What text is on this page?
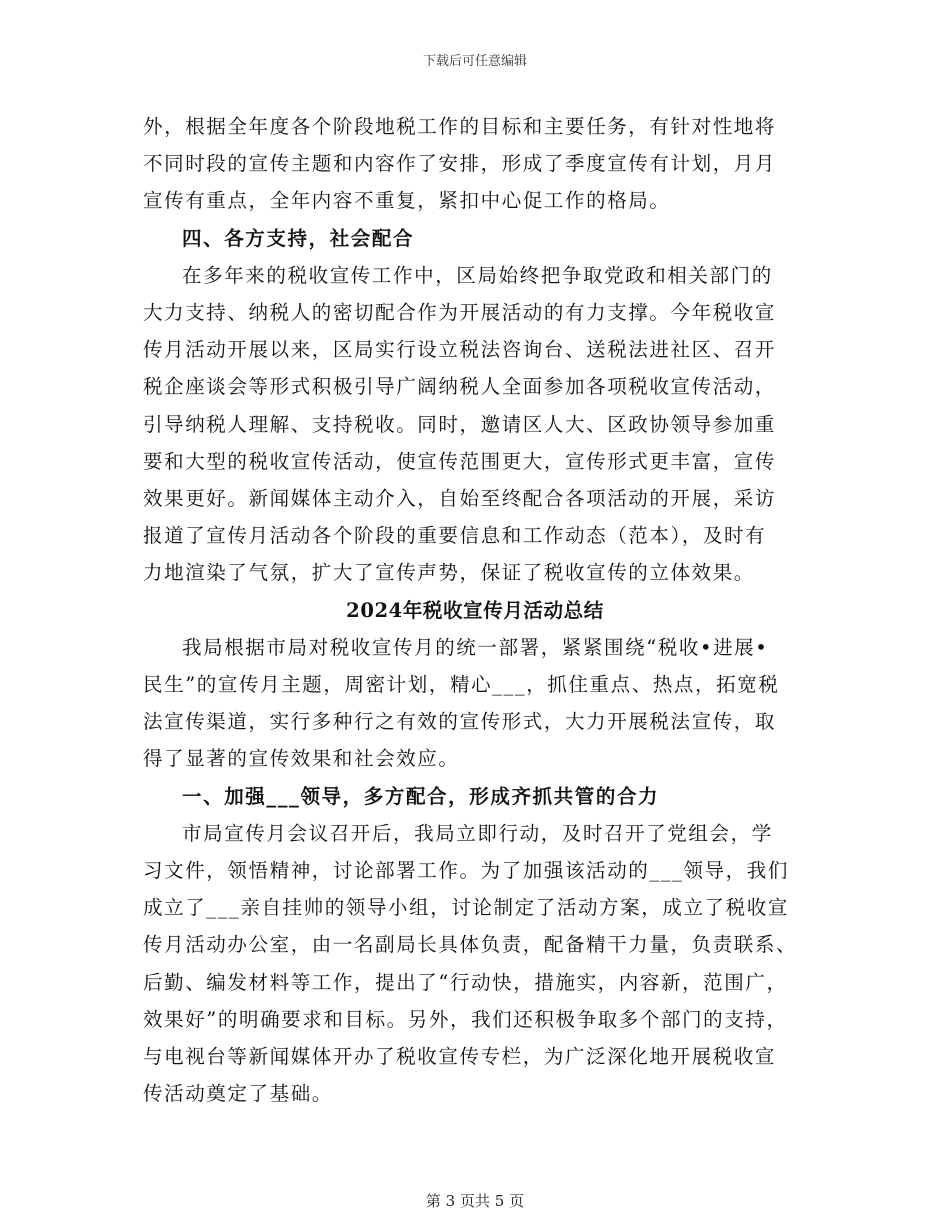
下载后可任意编辑
外，根据全年度各个阶段地税工作的目标和主要任务，有针对性地将
不同时段的宣传主题和内容作了安排，形成了季度宣传有计划，月月
宣传有重点，全年内容不重复，紧扣中心促工作的格局。
四、各方支持，社会配合
在多年来的税收宣传工作中，区局始终把争取党政和相关部门的
大力支持、纳税人的密切配合作为开展活动的有力支撑。今年税收宣
传月活动开展以来，区局实行设立税法咨询台、送税法进社区、召开
税企座谈会等形式积极引导广阔纳税人全面参加各项税收宣传活动，
引导纳税人理解、支持税收。同时，邀请区人大、区政协领导参加重
要和大型的税收宣传活动，使宣传范围更大，宣传形式更丰富，宣传
效果更好。新闻媒体主动介入，自始至终配合各项活动的开展，采访
报道了宣传月活动各个阶段的重要信息和工作动态（范本），及时有
力地渲染了气氛，扩大了宣传声势，保证了税收宣传的立体效果。
2024年税收宣传月活动总结
我局根据市局对税收宣传月的统一部署，紧紧围绕“税收•进展•
民生”的宣传月主题，周密计划，精心___，抓住重点、热点，拓宽税
法宣传渠道，实行多种行之有效的宣传形式，大力开展税法宣传，取
得了显著的宣传效果和社会效应。
一、加强___领导，多方配合，形成齐抓共管的合力
市局宣传月会议召开后，我局立即行动，及时召开了党组会，学
习文件，领悟精神，讨论部署工作。为了加强该活动的___领导，我们
成立了___亲自挂帅的领导小组，讨论制定了活动方案，成立了税收宣
传月活动办公室，由一名副局长具体负责，配备精干力量，负责联系、
后勤、编发材料等工作，提出了“行动快，措施实，内容新，范围广，
效果好”的明确要求和目标。另外，我们还积极争取多个部门的支持，
与电视台等新闻媒体开办了税收宣传专栏，为广泛深化地开展税收宣
传活动奠定了基础。
第 3 页共 5 页
